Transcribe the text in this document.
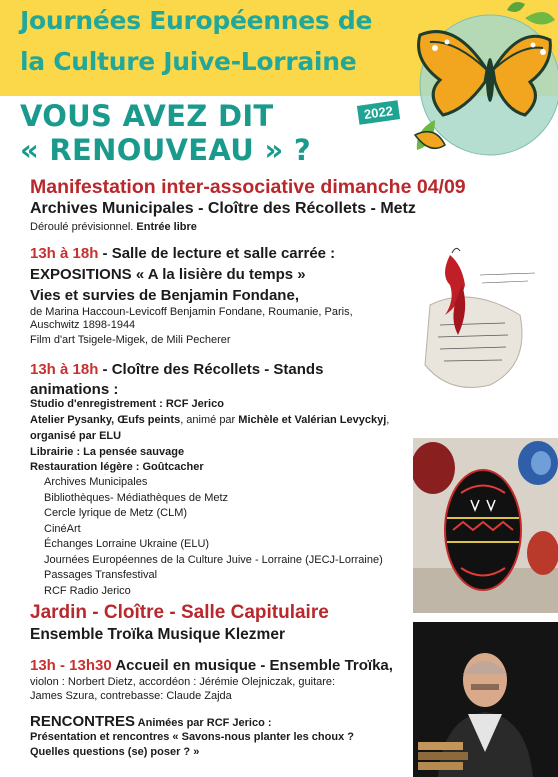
Journées Européennes de
la Culture Juive-Lorraine
VOUS AVEZ DIT
« RENOUVEAU » ?
2022
Manifestation inter-associative dimanche 04/09
Archives Municipales - Cloître des Récollets - Metz
Déroulé prévisionnel. Entrée libre
13h à 18h - Salle de lecture et salle carrée :
EXPOSITIONS « A la lisière du temps »
Vies et survies de Benjamin Fondane,
de Marina Haccoun-Levicoff Benjamin Fondane, Roumanie, Paris,
Auschwitz 1898-1944
Film d'art Tsigele-Migek, de Mili Pecherer
13h à 18h - Cloître des Récollets - Stands
animations :
Studio d'enregistrement : RCF Jerico
Atelier Pysanky, Œufs peints, animé par Michèle et Valérian Levyckyj,
organisé par ELU
Librairie : La pensée sauvage
Restauration légère : Goûtcacher
Archives Municipales
Bibliothèques- Médiathèques de Metz
Cercle lyrique de Metz (CLM)
CinéArt
Échanges Lorraine Ukraine (ELU)
Journées Européennes de la Culture Juive - Lorraine (JECJ-Lorraine)
Passages Transfestival
RCF Radio Jerico
Jardin - Cloître - Salle Capitulaire
Ensemble Troïka Musique Klezmer
13h - 13h30 Accueil en musique - Ensemble Troïka,
violon : Norbert Dietz, accordéon : Jérémie Olejniczak, guitare:
James Szura, contrebasse: Claude Zajda
RENCONTRES Animées par RCF Jerico :
Présentation et rencontres « Savons-nous planter les choux ?
Quelles questions (se) poser ? »
